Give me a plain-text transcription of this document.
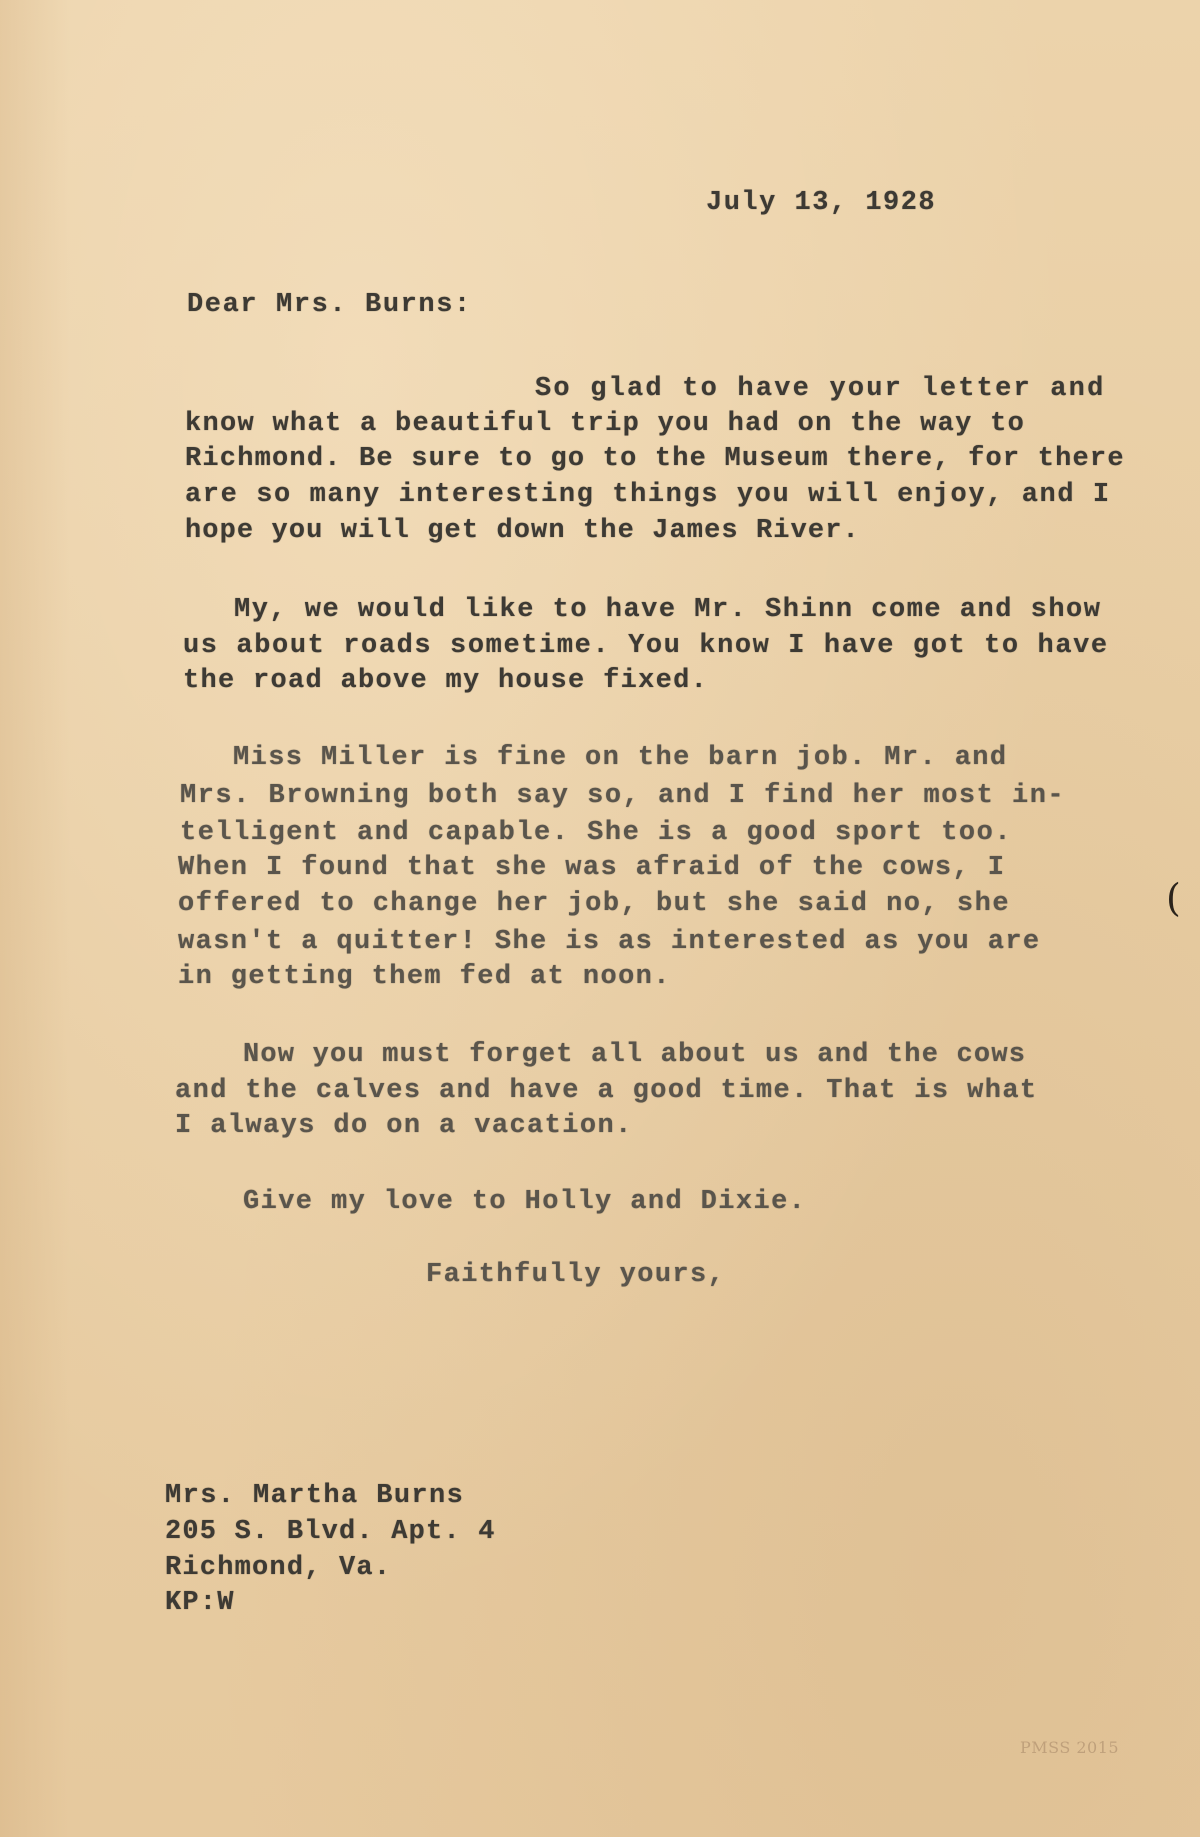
July 13, 1928

Dear Mrs. Burns:

So glad to have your letter and

know what a beautiful trip you had on the way to

Richmond. Be sure to go to the Museum there, for there

are so many interesting things you will enjoy, and I

hope you will get down the James River.

My, we would like to have Mr. Shinn come and show

us about roads sometime. You know I have got to have

the road above my house fixed.

Miss Miller is fine on the barn job. Mr. and

Mrs. Browning both say so, and I find her most in-

telligent and capable. She is a good sport too.

When I found that she was afraid of the cows, I

offered to change her job, but she said no, she

wasn't a quitter! She is as interested as you are

in getting them fed at noon.

Now you must forget all about us and the cows

and the calves and have a good time. That is what

I always do on a vacation.

Give my love to Holly and Dixie.

Faithfully yours,

Mrs. Martha Burns

205 S. Blvd. Apt. 4

Richmond, Va.

KP:W

(
PMSS 2015
